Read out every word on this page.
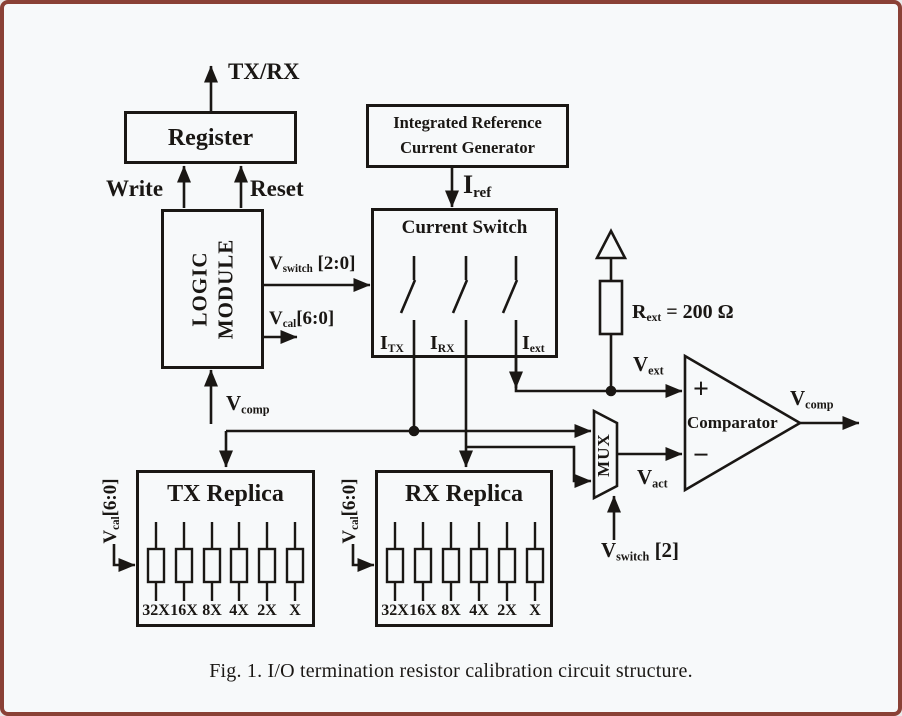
Register
LOGIC MODULE
Integrated Reference
Current Generator
Current Switch
TX Replica	RX Replica
TX/RX
Write	Reset
$V_{switch}$ [2:0]
$V_{cal}[6:0]$
$V_{comp}$
$I_{ref}$
$I_{TX}$ $I_{RX}$	$I_{ext}$
$R_{ext} = 200$ Ω
$V_{ext}$
$V_{act}$
$V_{comp}$
$V_{switch}$ [2]
MUX
+
Comparator
−
$V_{cal}[6:0]$
$V_{cal}[6:0]$
32X 16X 8X 4X 2X X	32X 16X 8X 4X 2X X
Fig. 1. I/O termination resistor calibration circuit structure.
